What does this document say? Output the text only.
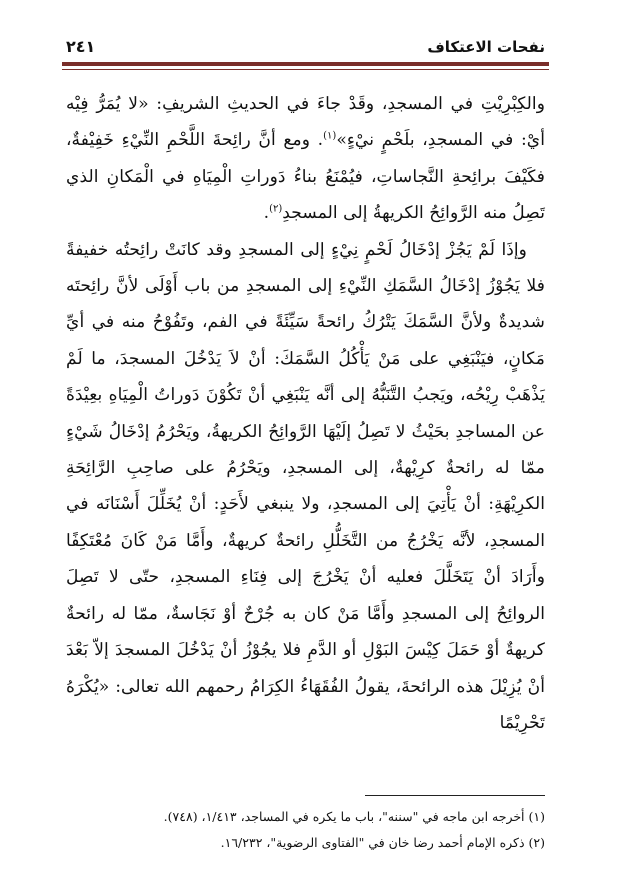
نفحات الاعتكاف
٢٤١

والكِبْرِيْتِ في المسجدِ، وقَدْ جاءَ في الحديثِ الشريفِ: «لا يُمَرُّ فِيْه أيْ: في المسجدِ، بلَحْمٍ نيْءٍ»$^{(١)}$. ومع أنَّ رائِحةَ اللَّحْمِ النِّيْءِ خَفِيْفةٌ، فكَيْفَ برائِحةِ النَّجاساتِ، فيُمْنَعُ بناءُ دَوراتِ الْمِيَاهِ في الْمَكانِ الذي تَصِلُ منه الرَّوائِحُ الكريهةُ إلى المسجدِ$^{(٢)}$.

وإذَا لَمْ يَجُزْ إدْخَالُ لَحْمٍ نِيْءٍ إلى المسجدِ وقد كانَتْ رائِحتُه خفيفةً فلا يَجُوْزُ إدْخَالُ السَّمَكِ النِّيْءِ إلى المسجدِ من باب أَوْلَى لأنَّ رائِحتَه شديدةٌ ولأنَّ السَّمَكَ يَتْرُكُ رائحةً سَيِّئَةً في الفم، وتَفُوْحُ منه في أيِّ مَكانٍ، فيَنْبَغِي على مَنْ يَأْكُلُ السَّمَكَ: أنْ لاَ يَدْخُلَ المسجدَ، ما لَمْ يَذْهَبْ رِيْحُه، ويَجبُ التَّنَبُّهُ إلى أنَّه يَنْبَغِي أنْ تَكُوْنَ دَوراتُ الْمِيَاهِ بعِيْدَةً عن المساجدِ بحَيْثُ لا تَصِلُ إلَيْهَا الرَّوائِحُ الكريهةُ، ويَحْرُمُ إدْخَالُ شَيْءٍ ممّا له رائحةٌ كرِيْهةٌ، إلى المسجدِ، ويَحْرُمُ على صاحِبِ الرَّائِحَةِ الكرِيْهَةِ: أنْ يَأْتِيَ إلى المسجدِ، ولا ينبغي لأَحَدٍ: أنْ يُخَلِّلَ أَسْنَانَه في المسجدِ، لأنَّه يَخْرُجُ من التَّخَلُّلِ رائحةٌ كريهةٌ، وأَمَّا مَنْ كَانَ مُعْتَكِفًا وأَرَادَ أنْ يَتَخَلَّلَ فعليه أنْ يَخْرُجَ إلى فِنَاءِ المسجدِ، حتّى لا تَصِلَ الروائِحُ إلى المسجدِ وأَمَّا مَنْ كان به جُرْحٌ أوْ نَجَاسةٌ، ممّا له رائحةٌ كريهةٌ أوْ حَمَلَ كِيْسَ البَوْلِ أو الدَّمِ فلا يجُوْزُ أنْ يَدْخُلَ المسجدَ إلاّ بَعْدَ أنْ يُزِيْلَ هذه الرائحةَ، يقولُ الفُقَهَاءُ الكِرَامُ رحمهم الله تعالى: «يُكْرَهُ تَحْرِيْمًا

(١) أخرجه ابن ماجه في "سننه"، باب ما يكره في المساجد، ١/٤١٣، (٧٤٨).

(٢) ذكره الإمام أحمد رضا خان في "الفتاوى الرضوية"، ١٦/٢٣٢.
